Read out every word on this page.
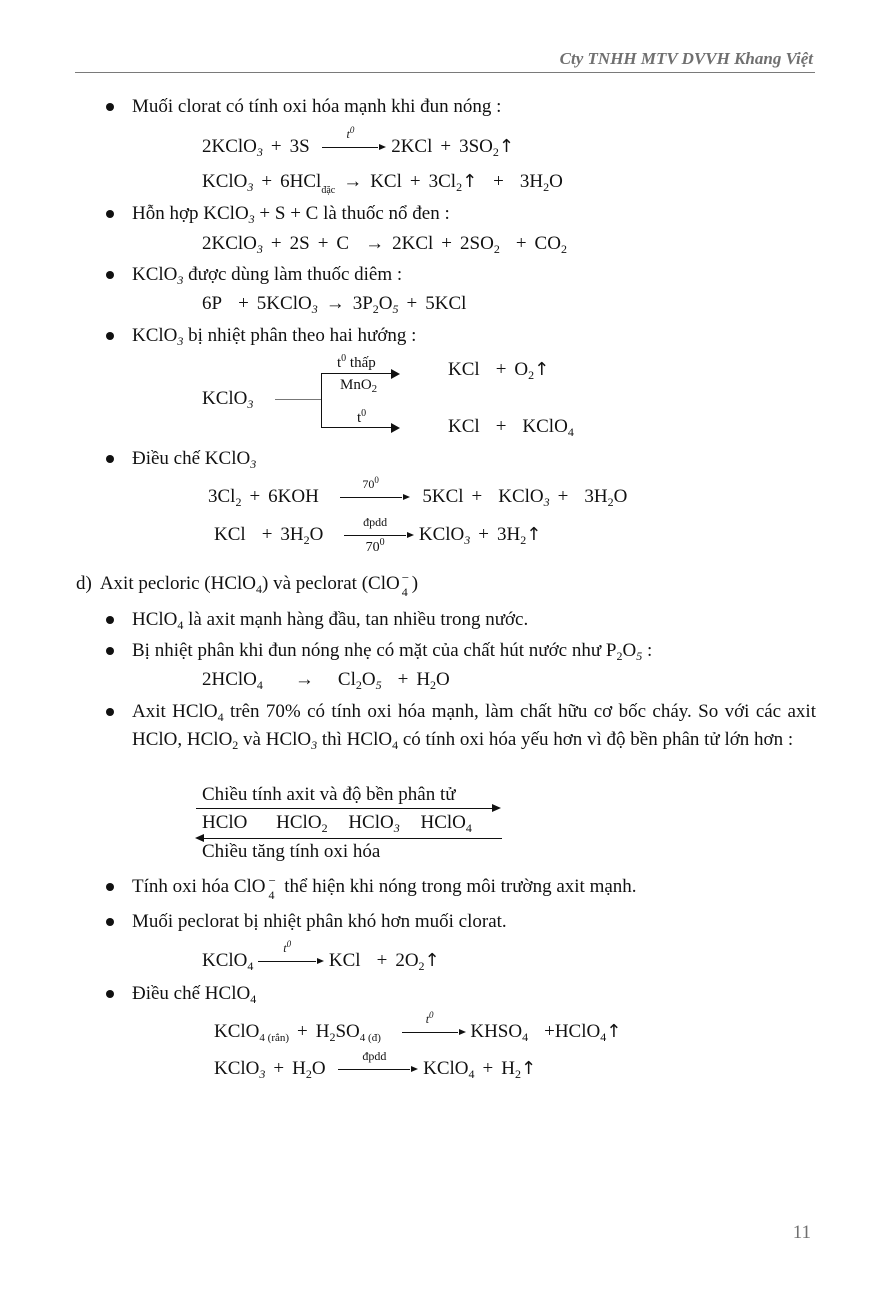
Cty TNHH MTV DVVH Khang Việt
Muối clorat có tính oxi hóa mạnh khi đun nóng :
2KClO$_3$ + 3S
$t^0$
$2KCl + 3SO_2↑$
KClO$_3$ + 6HCl$_{đặc}$ → KCl + $3Cl_2↑ + 3H_2O$
Hỗn hợp KClO$_3$ + S + C là thuốc nổ đen :
2KClO$_3$ + $2S + C \to 2KCl + 2SO_2 + CO_2$
KClO$_3$ được dùng làm thuốc diêm :
6P + 5KClO$_3$ → $3P_2O_5 + 5KCl$
KClO$_3$ bị nhiệt phân theo hai hướng :
KClO$_3$
$t^0$ thấp
MnO$_2$
$t^0$
KCl + $O_2↑$
KCl + KClO$_4$
Điều chế KClO$_3$
$3Cl_2 + 6KOH$
$70^0$
5KCl + KClO$_3$ + $3H_2O$
KCl + $3H_2O$
đpdd
$70^0$	KClO$_3$ + $3H_2↑$
d) Axit pecloric (HClO$_4$) và peclorat (ClO −
4 )
HClO$_4$ là axit mạnh hàng đầu, tan nhiều trong nước.
Bị nhiệt phân khi đun nóng nhẹ có mặt của chất hút nước như $P_2O_5$ :
2HClO$_4$ → $Cl_2O_5 + H_2O$
Axit HClO$_4$ trên 70% có tính oxi hóa mạnh, làm chất hữu cơ bốc cháy. So với các axit HClO, HClO$_2$ và HClO$_3$ thì HClO$_4$ có tính oxi hóa yếu hơn vì độ bền phân tử lớn hơn :
Chiều tính axit và độ bền phân tử
HClO HClO$_2$ HClO$_3$ HClO$_4$
Chiều tăng tính oxi hóa
Tính oxi hóa ClO −
4 thể hiện khi nóng trong môi trường axit mạnh.
Muối peclorat bị nhiệt phân khó hơn muối clorat.
KClO$_4$
$t^0$
KCl + $2O_2↑$
Điều chế HClO$_4$
KClO$_{4 (rắn)}$ + $H_2SO_{4 (đ)}$
$t^0$
$KHSO_4$ +HClO$_4$↑
KClO$_3$ + $H_2O$
đpdd
KClO$_4$ + $H_2↑$
11
